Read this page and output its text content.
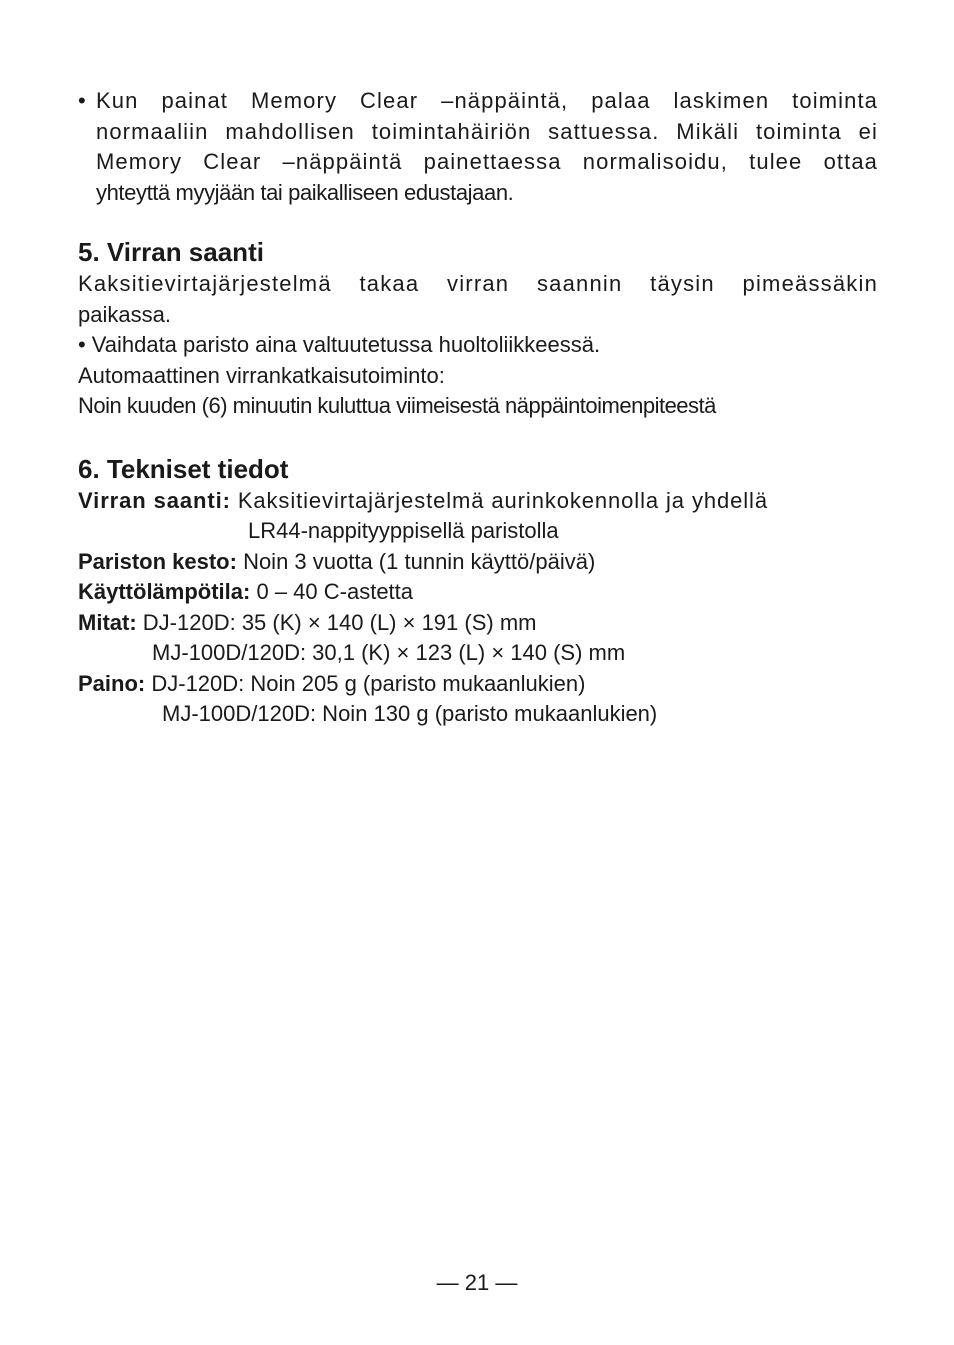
• Kun painat Memory Clear –näppäintä, palaa laskimen toiminta
normaaliin mahdollisen toimintahäiriön sattuessa. Mikäli toiminta ei
Memory Clear –näppäintä painettaessa normalisoidu, tulee ottaa
yhteyttä myyjään tai paikalliseen edustajaan.
5. Virran saanti

Kaksitievirtajärjestelmä takaa virran saannin täysin pimeässäkin

paikassa.

• Vaihdata paristo aina valtuutetussa huoltoliikkeessä.

Automaattinen virrankatkaisutoiminto:

Noin kuuden (6) minuutin kuluttua viimeisestä näppäintoimenpiteestä

6. Tekniset tiedot

Virran saanti: Kaksitievirtajärjestelmä aurinkokennolla ja yhdellä

LR44-nappityyppisellä paristolla

Pariston kesto: Noin 3 vuotta (1 tunnin käyttö/päivä)

Käyttölämpötila: 0 – 40 C-astetta

Mitat: DJ-120D: 35 (K) × 140 (L) × 191 (S) mm

MJ-100D/120D: 30,1 (K) × 123 (L) × 140 (S) mm

Paino: DJ-120D: Noin 205 g (paristo mukaanlukien)

MJ-100D/120D: Noin 130 g (paristo mukaanlukien)

— 21 —
